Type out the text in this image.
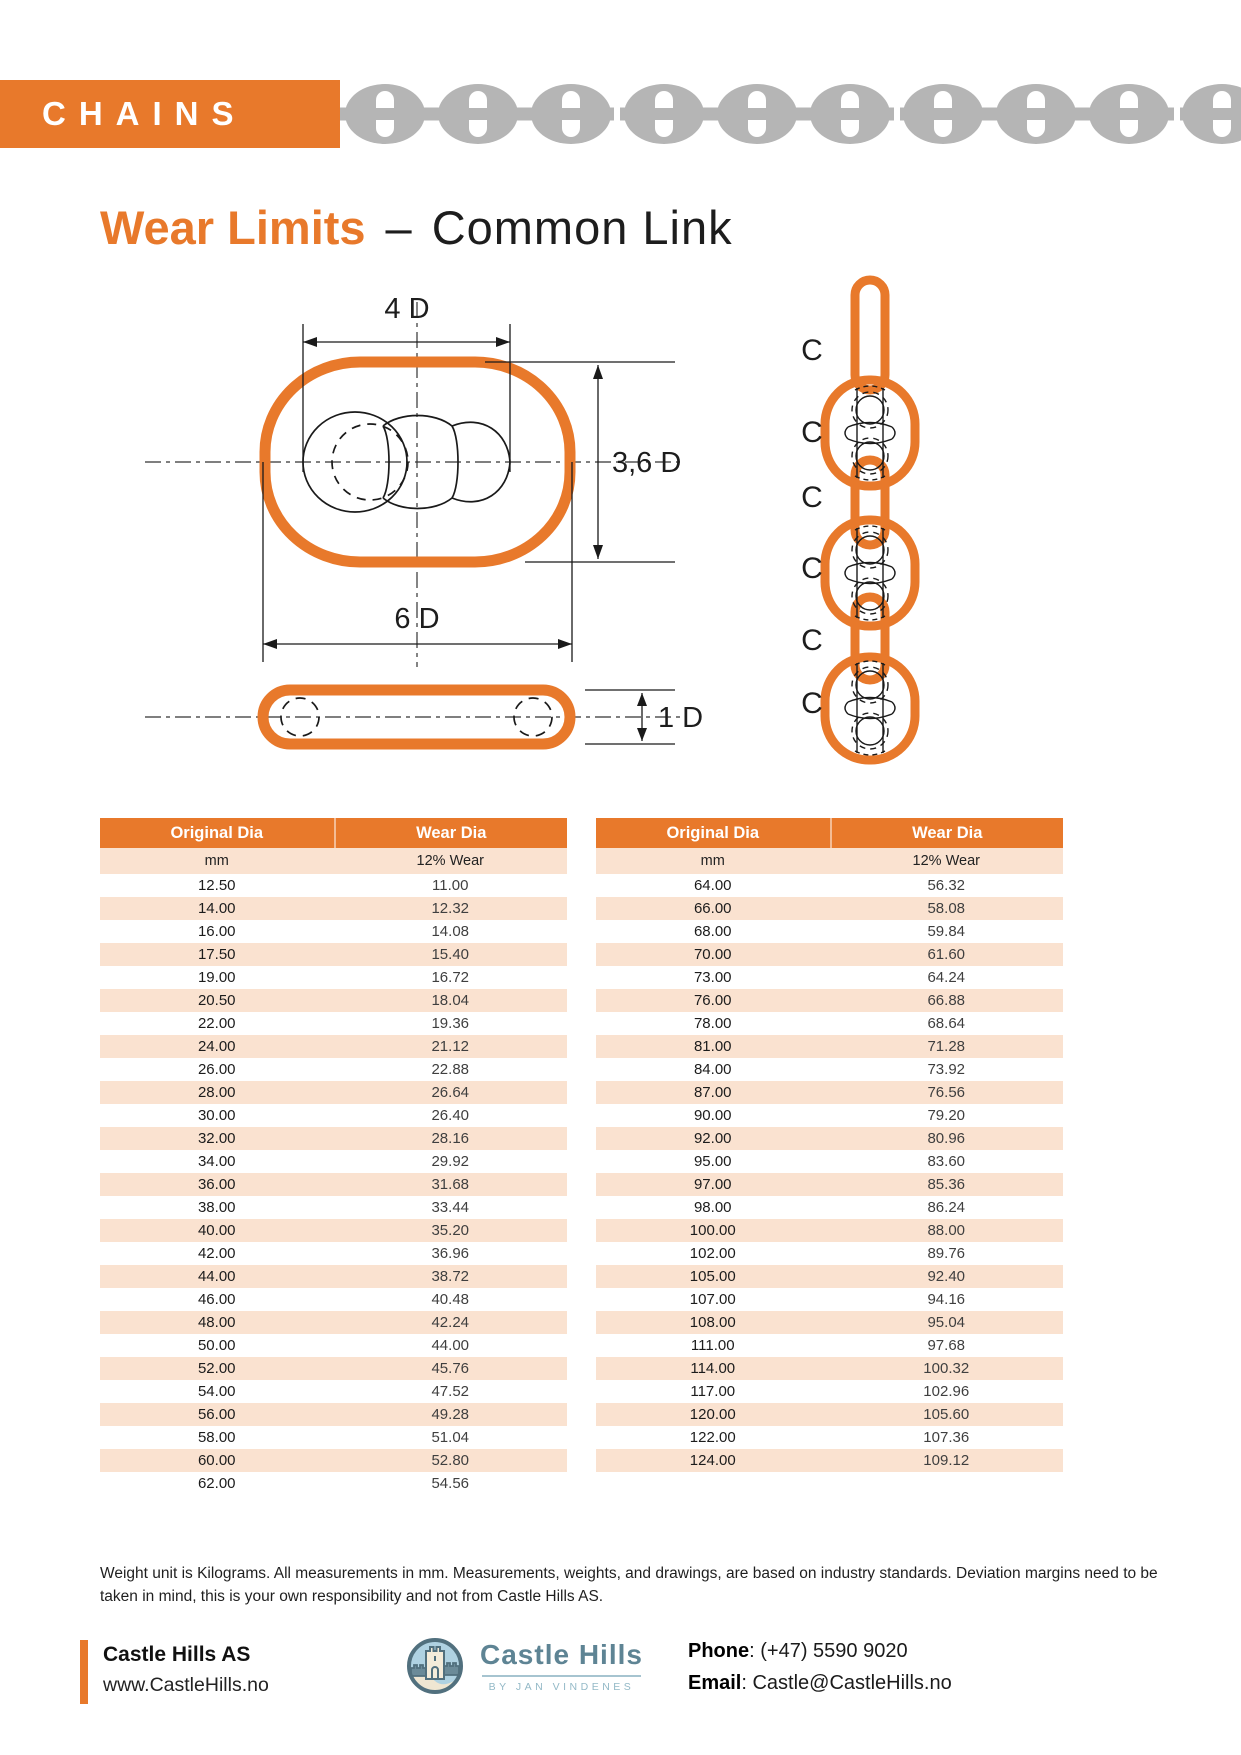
CHAINS
Wear Limits – Common Link
4 D
3,6 D
6 D
1 D
C
C
C
C
C
C
Original Dia	Wear Dia
mm	12% Wear
12.50	11.00
14.00	12.32
16.00	14.08
17.50	15.40
19.00	16.72
20.50	18.04
22.00	19.36
24.00	21.12
26.00	22.88
28.00	26.64
30.00	26.40
32.00	28.16
34.00	29.92
36.00	31.68
38.00	33.44
40.00	35.20
42.00	36.96
44.00	38.72
46.00	40.48
48.00	42.24
50.00	44.00
52.00	45.76
54.00	47.52
56.00	49.28
58.00	51.04
60.00	52.80
62.00	54.56
Original Dia	Wear Dia
mm	12% Wear
64.00	56.32
66.00	58.08
68.00	59.84
70.00	61.60
73.00	64.24
76.00	66.88
78.00	68.64
81.00	71.28
84.00	73.92
87.00	76.56
90.00	79.20
92.00	80.96
95.00	83.60
97.00	85.36
98.00	86.24
100.00	88.00
102.00	89.76
105.00	92.40
107.00	94.16
108.00	95.04
111.00	97.68
114.00	100.32
117.00	102.96
120.00	105.60
122.00	107.36
124.00	109.12

Weight unit is Kilograms. All measurements in mm. Measurements, weights, and drawings, are based on industry standards. Deviation margins need to be taken in mind, this is your own responsibility and not from Castle Hills AS.

Castle Hills AS
www.CastleHills.no
Castle Hills
BY JAN VINDENES
Phone: (+47) 5590 9020
Email: Castle@CastleHills.no
